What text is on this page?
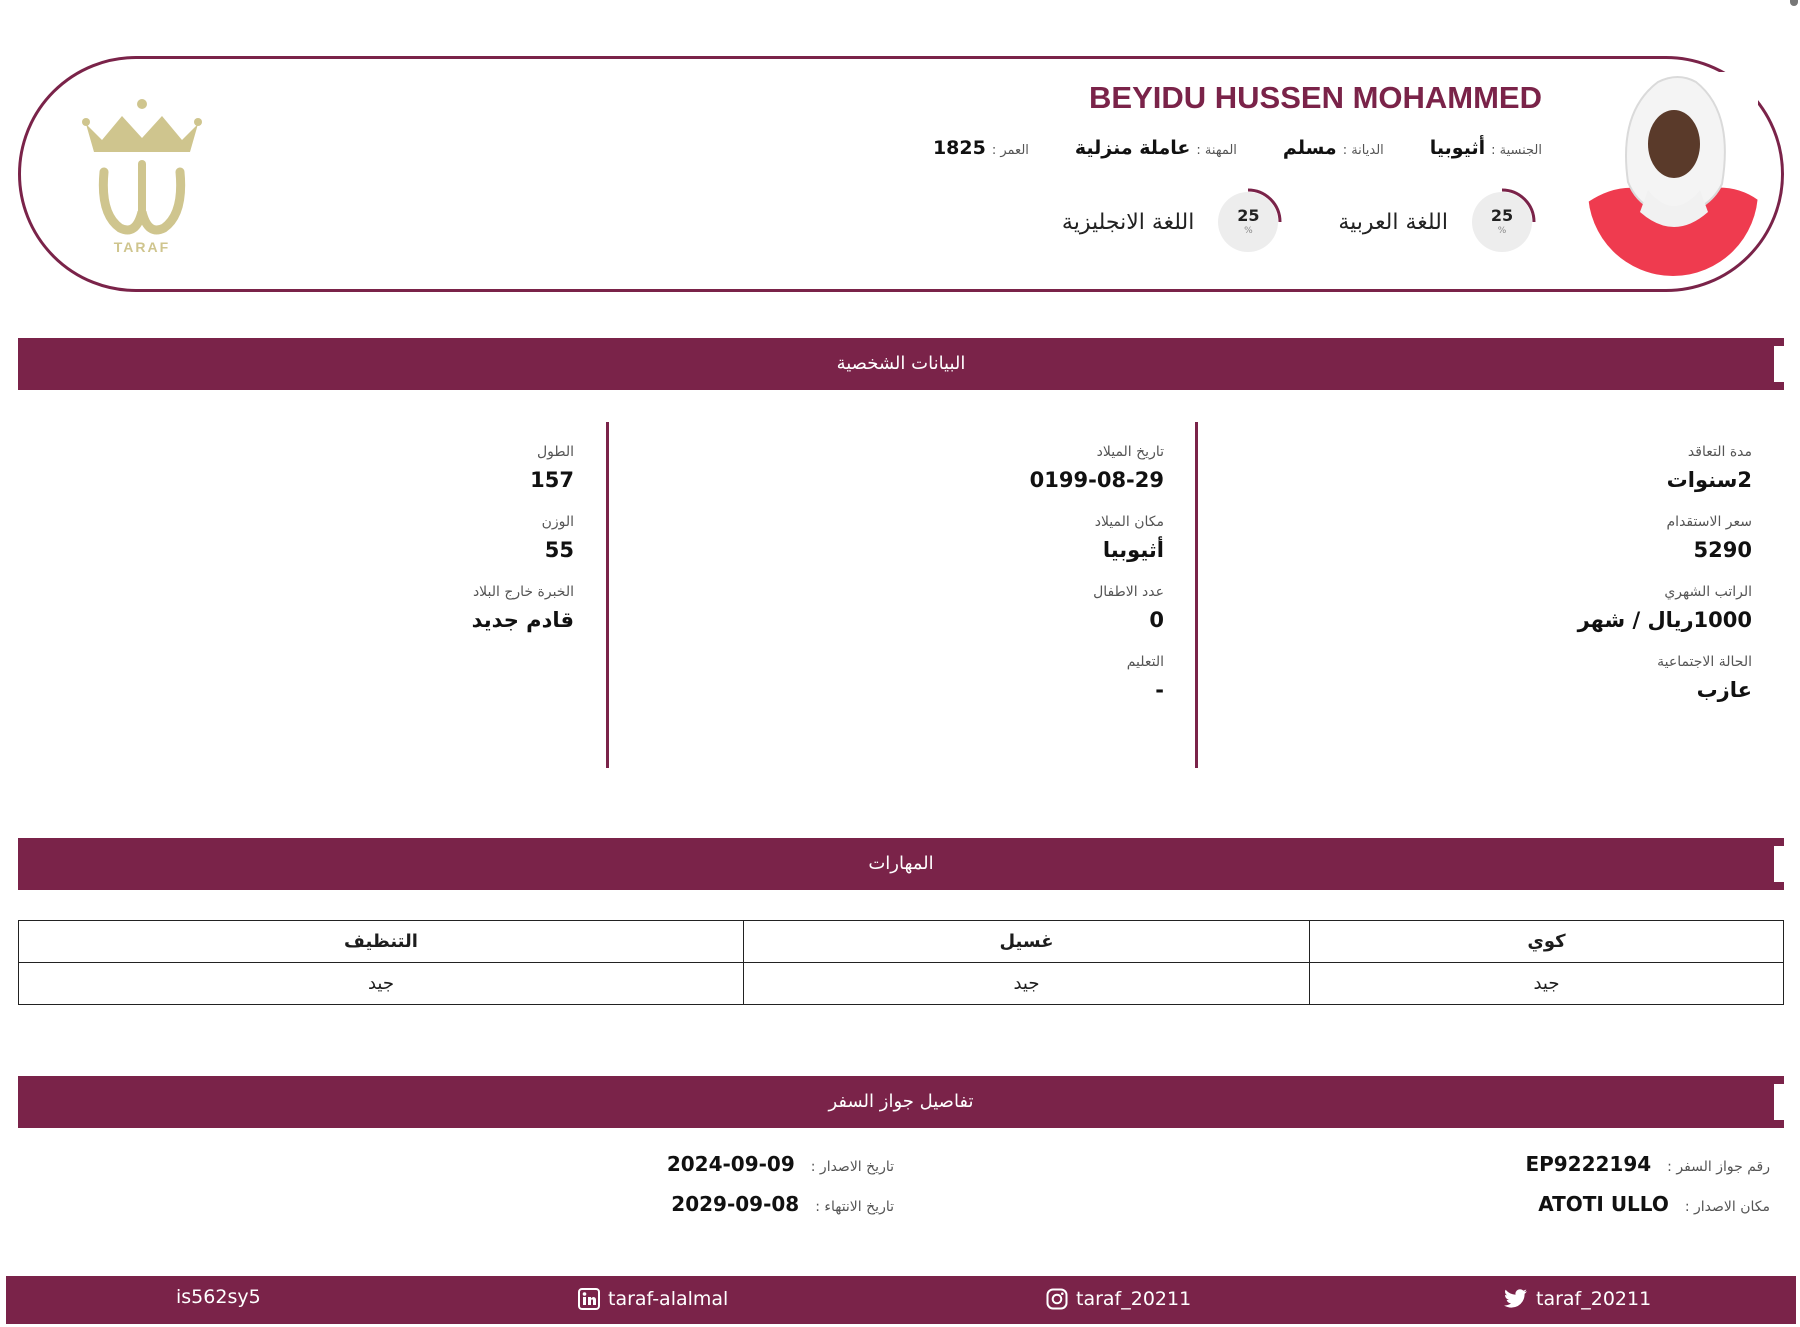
BEYIDU HUSSEN MOHAMMED
الجنسية :
أثيوبيا
الديانة :
مسلم
المهنة :
عاملة منزلية
العمر :
1825
25
%
اللغة العربية
25
%
اللغة الانجليزية
TARAF
البيانات الشخصية
مدة التعاقد
2سنوات
سعر الاستقدام
5290
الراتب الشهري
1000ريال / شهر
الحالة الاجتماعية
عازب
تاريخ الميلاد
0199-08-29
مكان الميلاد
أثيوبيا
عدد الاطفال
0
التعليم
-
الطول
157
الوزن
55
الخبرة خارج البلاد
قادم جديد
المهارات
كوي	غسيل	التنظيف
جيد	جيد	جيد
تفاصيل جواز السفر
رقم جواز السفر :
EP9222194
مكان الاصدار :
ATOTI ULLO
تاريخ الاصدار :
2024-09-09
تاريخ الانتهاء :
2029-09-08
is562sy5	taraf-alalmal	taraf_20211	taraf_20211
